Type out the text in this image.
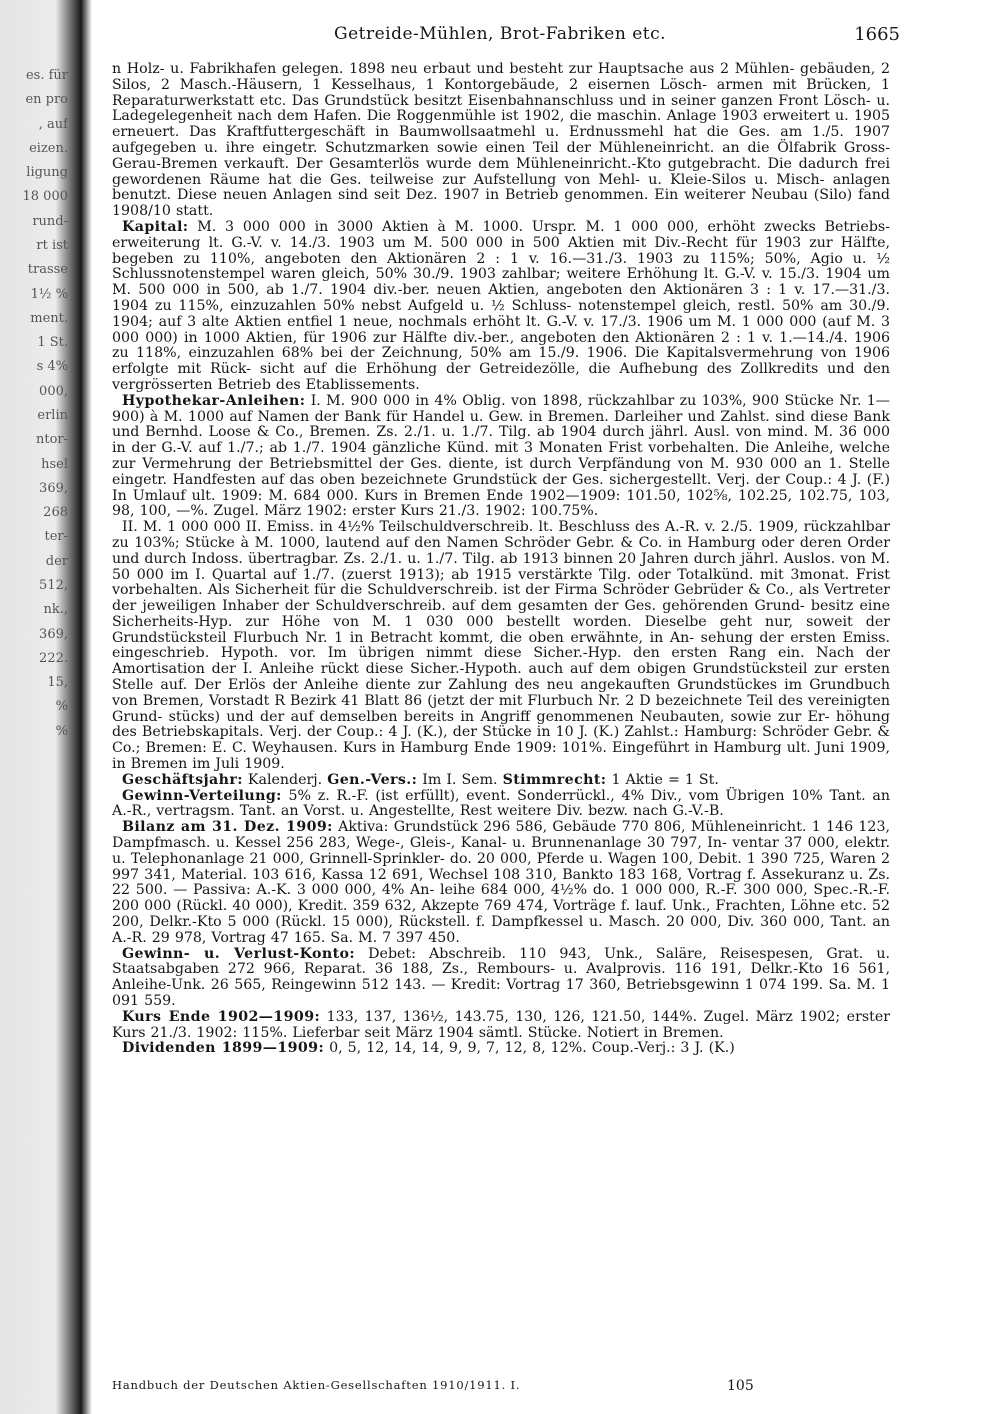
es. für
en pro
, auf
eizen.
ligung
18 000
rund-
rt ist
trasse
1½ %
ment.
1 St.
s 4%
000,
erlin
ntor-
hsel
369,
268
ter-
der
512,
nk.,
369,
222.
15,
%
%
Getreide-Mühlen, Brot-Fabriken etc.	1665

n Holz- u. Fabrikhafen gelegen. 1898 neu erbaut und besteht zur Hauptsache aus 2 Mühlen- gebäuden, 2 Silos, 2 Masch.-Häusern, 1 Kesselhaus, 1 Kontorgebäude, 2 eisernen Lösch- armen mit Brücken, 1 Reparaturwerkstatt etc. Das Grundstück besitzt Eisenbahnanschluss und in seiner ganzen Front Lösch- u. Ladegelegenheit nach dem Hafen. Die Roggenmühle ist 1902, die maschin. Anlage 1903 erweitert u. 1905 erneuert. Das Kraftfuttergeschäft in Baumwollsaatmehl u. Erdnussmehl hat die Ges. am 1./5. 1907 aufgegeben u. ihre eingetr. Schutzmarken sowie einen Teil der Mühleneinricht. an die Ölfabrik Gross-Gerau-Bremen verkauft. Der Gesamterlös wurde dem Mühleneinricht.-Kto gutgebracht. Die dadurch frei gewordenen Räume hat die Ges. teilweise zur Aufstellung von Mehl- u. Kleie-Silos u. Misch- anlagen benutzt. Diese neuen Anlagen sind seit Dez. 1907 in Betrieb genommen. Ein weiterer Neubau (Silo) fand 1908/10 statt.

Kapital: M. 3 000 000 in 3000 Aktien à M. 1000. Urspr. M. 1 000 000, erhöht zwecks Betriebs- erweiterung lt. G.-V. v. 14./3. 1903 um M. 500 000 in 500 Aktien mit Div.-Recht für 1903 zur Hälfte, begeben zu 110%, angeboten den Aktionären 2 : 1 v. 16.—31./3. 1903 zu 115%; 50%, Agio u. ½ Schlussnotenstempel waren gleich, 50% 30./9. 1903 zahlbar; weitere Erhöhung lt. G.-V. v. 15./3. 1904 um M. 500 000 in 500, ab 1./7. 1904 div.-ber. neuen Aktien, angeboten den Aktionären 3 : 1 v. 17.—31./3. 1904 zu 115%, einzuzahlen 50% nebst Aufgeld u. ½ Schluss- notenstempel gleich, restl. 50% am 30./9. 1904; auf 3 alte Aktien entfiel 1 neue, nochmals erhöht lt. G.-V. v. 17./3. 1906 um M. 1 000 000 (auf M. 3 000 000) in 1000 Aktien, für 1906 zur Hälfte div.-ber., angeboten den Aktionären 2 : 1 v. 1.—14./4. 1906 zu 118%, einzuzahlen 68% bei der Zeichnung, 50% am 15./9. 1906. Die Kapitalsvermehrung von 1906 erfolgte mit Rück- sicht auf die Erhöhung der Getreidezölle, die Aufhebung des Zollkredits und den vergrösserten Betrieb des Etablissements.

Hypothekar-Anleihen: I. M. 900 000 in 4% Oblig. von 1898, rückzahlbar zu 103%, 900 Stücke Nr. 1—900) à M. 1000 auf Namen der Bank für Handel u. Gew. in Bremen. Darleiher und Zahlst. sind diese Bank und Bernhd. Loose & Co., Bremen. Zs. 2./1. u. 1./7. Tilg. ab 1904 durch jährl. Ausl. von mind. M. 36 000 in der G.-V. auf 1./7.; ab 1./7. 1904 gänzliche Künd. mit 3 Monaten Frist vorbehalten. Die Anleihe, welche zur Vermehrung der Betriebsmittel der Ges. diente, ist durch Verpfändung von M. 930 000 an 1. Stelle eingetr. Handfesten auf das oben bezeichnete Grundstück der Ges. sichergestellt. Verj. der Coup.: 4 J. (F.) In Umlauf ult. 1909: M. 684 000. Kurs in Bremen Ende 1902—1909: 101.50, 102⅝, 102.25, 102.75, 103, 98, 100, —%. Zugel. März 1902: erster Kurs 21./3. 1902: 100.75%.

II. M. 1 000 000 II. Emiss. in 4½% Teilschuldverschreib. lt. Beschluss des A.-R. v. 2./5. 1909, rückzahlbar zu 103%; Stücke à M. 1000, lautend auf den Namen Schröder Gebr. & Co. in Hamburg oder deren Order und durch Indoss. übertragbar. Zs. 2./1. u. 1./7. Tilg. ab 1913 binnen 20 Jahren durch jährl. Auslos. von M. 50 000 im I. Quartal auf 1./7. (zuerst 1913); ab 1915 verstärkte Tilg. oder Totalkünd. mit 3monat. Frist vorbehalten. Als Sicherheit für die Schuldverschreib. ist der Firma Schröder Gebrüder & Co., als Vertreter der jeweiligen Inhaber der Schuldverschreib. auf dem gesamten der Ges. gehörenden Grund- besitz eine Sicherheits-Hyp. zur Höhe von M. 1 030 000 bestellt worden. Dieselbe geht nur, soweit der Grundstücksteil Flurbuch Nr. 1 in Betracht kommt, die oben erwähnte, in An- sehung der ersten Emiss. eingeschrieb. Hypoth. vor. Im übrigen nimmt diese Sicher.-Hyp. den ersten Rang ein. Nach der Amortisation der I. Anleihe rückt diese Sicher.-Hypoth. auch auf dem obigen Grundstücksteil zur ersten Stelle auf. Der Erlös der Anleihe diente zur Zahlung des neu angekauften Grundstückes im Grundbuch von Bremen, Vorstadt R Bezirk 41 Blatt 86 (jetzt der mit Flurbuch Nr. 2 D bezeichnete Teil des vereinigten Grund- stücks) und der auf demselben bereits in Angriff genommenen Neubauten, sowie zur Er- höhung des Betriebskapitals. Verj. der Coup.: 4 J. (K.), der Stücke in 10 J. (K.) Zahlst.: Hamburg: Schröder Gebr. & Co.; Bremen: E. C. Weyhausen. Kurs in Hamburg Ende 1909: 101%. Eingeführt in Hamburg ult. Juni 1909, in Bremen im Juli 1909.

Geschäftsjahr: Kalenderj. Gen.-Vers.: Im I. Sem. Stimmrecht: 1 Aktie = 1 St.

Gewinn-Verteilung: 5% z. R.-F. (ist erfüllt), event. Sonderrückl., 4% Div., vom Übrigen 10% Tant. an A.-R., vertragsm. Tant. an Vorst. u. Angestellte, Rest weitere Div. bezw. nach G.-V.-B.

Bilanz am 31. Dez. 1909: Aktiva: Grundstück 296 586, Gebäude 770 806, Mühleneinricht. 1 146 123, Dampfmasch. u. Kessel 256 283, Wege-, Gleis-, Kanal- u. Brunnenanlage 30 797, In- ventar 37 000, elektr. u. Telephonanlage 21 000, Grinnell-Sprinkler- do. 20 000, Pferde u. Wagen 100, Debit. 1 390 725, Waren 2 997 341, Material. 103 616, Kassa 12 691, Wechsel 108 310, Bankto 183 168, Vortrag f. Assekuranz u. Zs. 22 500. — Passiva: A.-K. 3 000 000, 4% An- leihe 684 000, 4½% do. 1 000 000, R.-F. 300 000, Spec.-R.-F. 200 000 (Rückl. 40 000), Kredit. 359 632, Akzepte 769 474, Vorträge f. lauf. Unk., Frachten, Löhne etc. 52 200, Delkr.-Kto 5 000 (Rückl. 15 000), Rückstell. f. Dampfkessel u. Masch. 20 000, Div. 360 000, Tant. an A.-R. 29 978, Vortrag 47 165. Sa. M. 7 397 450.

Gewinn- u. Verlust-Konto: Debet: Abschreib. 110 943, Unk., Saläre, Reisespesen, Grat. u. Staatsabgaben 272 966, Reparat. 36 188, Zs., Rembours- u. Avalprovis. 116 191, Delkr.-Kto 16 561, Anleihe-Unk. 26 565, Reingewinn 512 143. — Kredit: Vortrag 17 360, Betriebsgewinn 1 074 199. Sa. M. 1 091 559.

Kurs Ende 1902—1909: 133, 137, 136½, 143.75, 130, 126, 121.50, 144%. Zugel. März 1902; erster Kurs 21./3. 1902: 115%. Lieferbar seit März 1904 sämtl. Stücke. Notiert in Bremen.

Dividenden 1899—1909: 0, 5, 12, 14, 14, 9, 9, 7, 12, 8, 12%. Coup.-Verj.: 3 J. (K.)

Handbuch der Deutschen Aktien-Gesellschaften 1910/1911. I.	105
